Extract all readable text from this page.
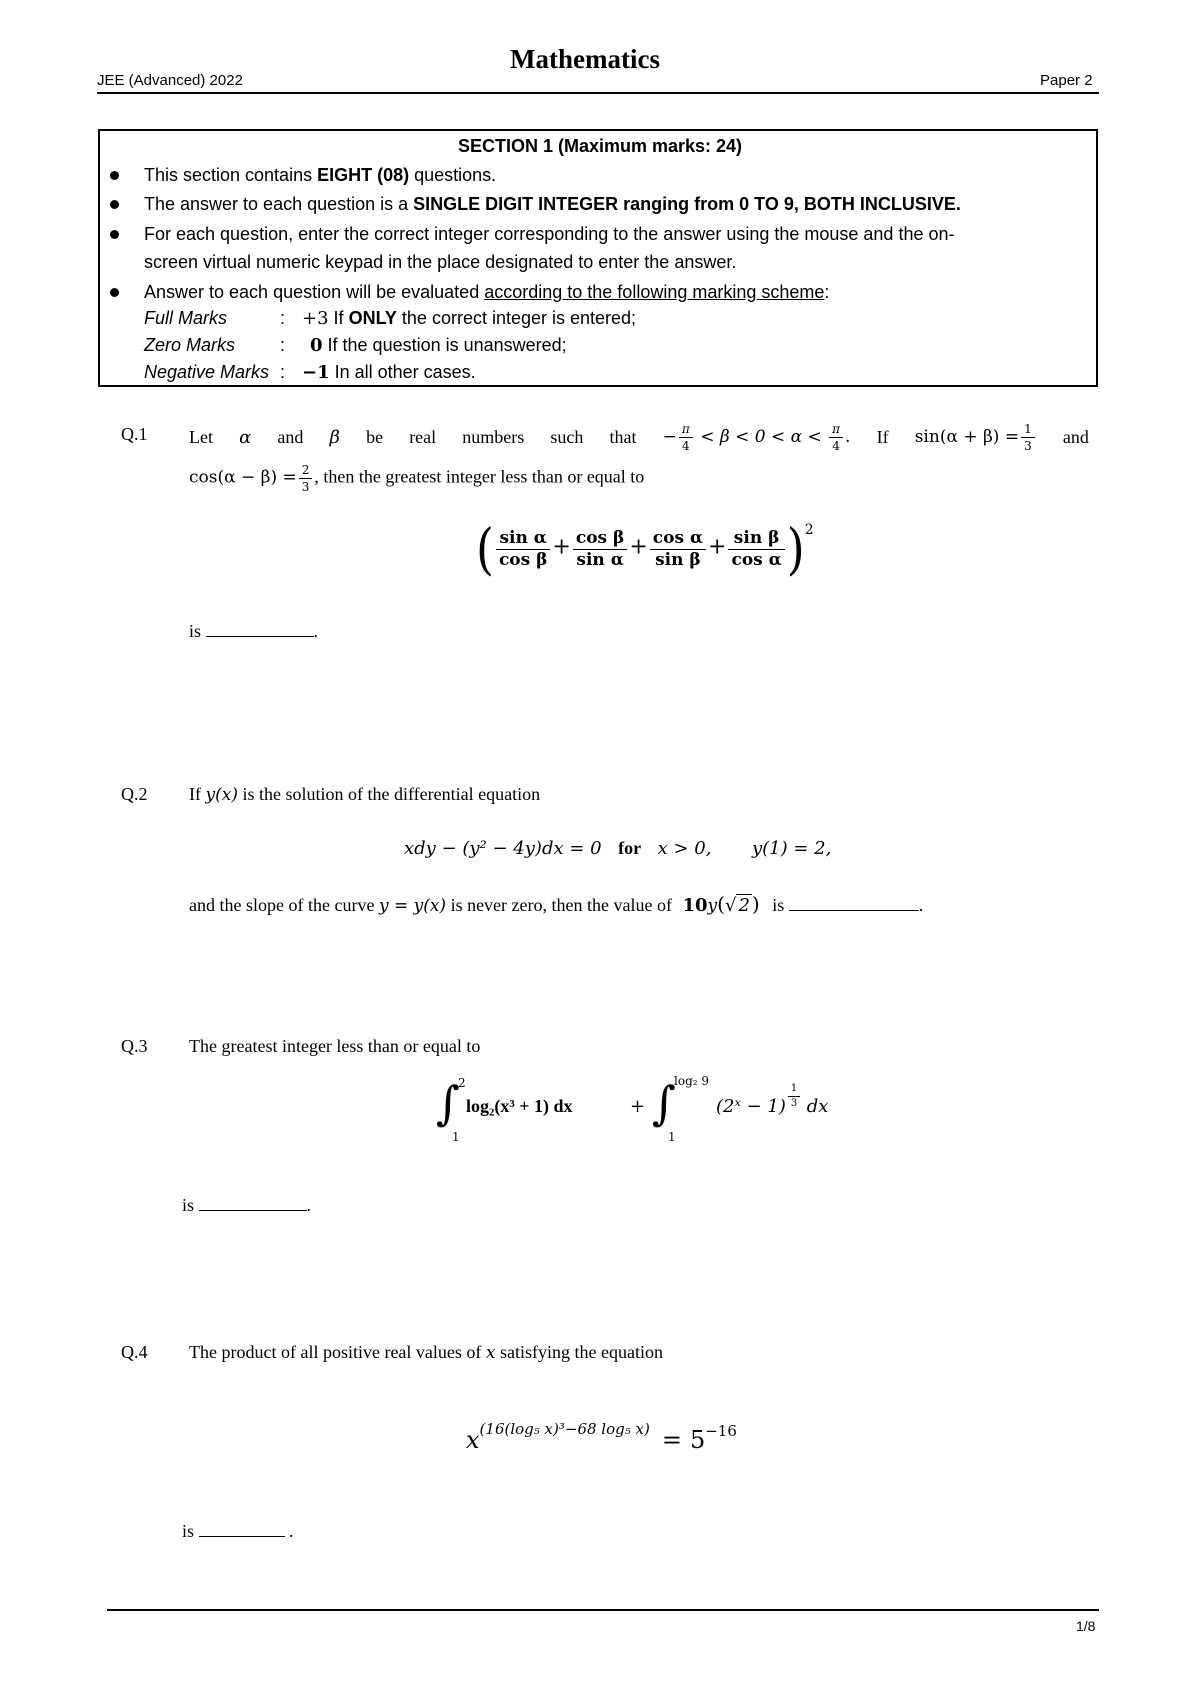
Mathematics
JEE (Advanced) 2022	Paper 2
SECTION 1 (Maximum marks: 24)
This section contains EIGHT (08) questions.
The answer to each question is a SINGLE DIGIT INTEGER ranging from 0 TO 9, BOTH INCLUSIVE.
For each question, enter the correct integer corresponding to the answer using the mouse and the on-
screen virtual numeric keypad in the place designated to enter the answer.
Answer to each question will be evaluated according to the following marking scheme:
Full Marks	: +3 If ONLY the correct integer is entered;
Zero Marks : 0 If the question is unanswered;
Negative Marks : −1 In all other cases.
Q.1 Let α and β be real numbers such that − $\frac{\pi}{4} < \beta < 0 < \alpha < \frac{\pi}{4}$ . If $\sin(\alpha + \beta) = \frac{1}{3}$ and
$\cos(\alpha - \beta) = \frac{2}{3}$ , then the greatest integer less than or equal to
( $\frac{\text{sin α}}{\text{cos β}} + \frac{\text{cos β}}{\text{sin α}} + \frac{\text{cos α}}{\text{sin β}} + \frac{\text{sin β}}{\text{cos α}} )^2$
is	.
Q.2 If y(x) is the solution of the differential equation
xdy − (y² − 4y)dx = 0 for x > 0, y(1) = 2,
and the slope of the curve y = y(x) is never zero, then the value of 10y(√ 2 ) is	.
Q.3 The greatest integer less than or equal to
∫
2
1
log₂(x³ + 1) dx	+ ∫
log₂ 9
1
(2ˣ − $1) \frac{1}{3}$ dx
is	.
Q.4 The product of all positive real values of x satisfying the equation
$x^{(16(log_5 x)^3-68 log_5 x)} = 5^{-16}$
is	.
1/8
